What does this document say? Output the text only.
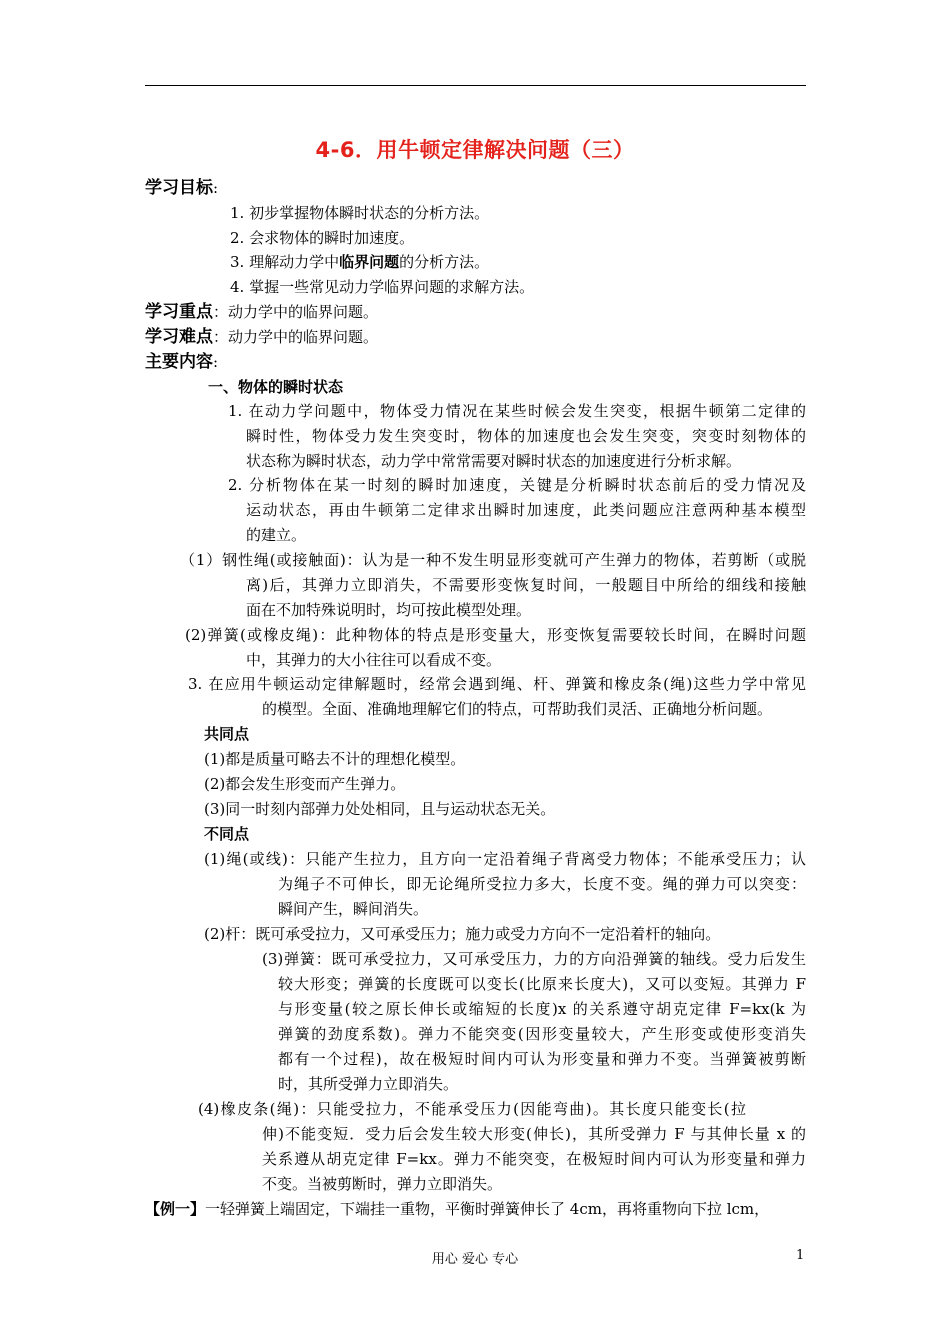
4-6．用牛顿定律解决问题（三）
学习目标:
1. 初步掌握物体瞬时状态的分析方法。
2. 会求物体的瞬时加速度。
3. 理解动力学中临界问题的分析方法。
4. 掌握一些常见动力学临界问题的求解方法。
学习重点：动力学中的临界问题。
学习难点：动力学中的临界问题。
主要内容:
一、物体的瞬时状态
1. 在动力学问题中，物体受力情况在某些时候会发生突变，根据牛顿第二定律的
瞬时性，物体受力发生突变时，物体的加速度也会发生突变，突变时刻物体的
状态称为瞬时状态，动力学中常常需要对瞬时状态的加速度进行分析求解。
2. 分析物体在某一时刻的瞬时加速度，关键是分析瞬时状态前后的受力情况及
运动状态，再由牛顿第二定律求出瞬时加速度，此类问题应注意两种基本模型
的建立。
（1）钢性绳(或接触面)：认为是一种不发生明显形变就可产生弹力的物体，若剪断（或脱
离)后，其弹力立即消失，不需要形变恢复时间，一般题目中所给的细线和接触
面在不加特殊说明时，均可按此模型处理。
(2)弹簧(或橡皮绳)：此种物体的特点是形变量大，形变恢复需要较长时间，在瞬时问题
中，其弹力的大小往往可以看成不变。
3. 在应用牛顿运动定律解题时，经常会遇到绳、杆、弹簧和橡皮条(绳)这些力学中常见
的模型。全面、准确地理解它们的特点，可帮助我们灵活、正确地分析问题。
共同点
(1)都是质量可略去不计的理想化模型。
(2)都会发生形变而产生弹力。
(3)同一时刻内部弹力处处相同，且与运动状态无关。
不同点
(1)绳(或线)：只能产生拉力，且方向一定沿着绳子背离受力物体；不能承受压力；认
为绳子不可伸长，即无论绳所受拉力多大，长度不变。绳的弹力可以突变：
瞬间产生，瞬间消失。
(2)杆：既可承受拉力，又可承受压力；施力或受力方向不一定沿着杆的轴向。
(3)弹簧：既可承受拉力，又可承受压力，力的方向沿弹簧的轴线。受力后发生
较大形变；弹簧的长度既可以变长(比原来长度大)，又可以变短。其弹力 F
与形变量(较之原长伸长或缩短的长度)x 的关系遵守胡克定律 F=kx(k 为
弹簧的劲度系数)。弹力不能突变(因形变量较大，产生形变或使形变消失
都有一个过程)，故在极短时间内可认为形变量和弹力不变。当弹簧被剪断
时，其所受弹力立即消失。
(4)橡皮条(绳)：只能受拉力，不能承受压力(因能弯曲)。其长度只能变长(拉
伸)不能变短．受力后会发生较大形变(伸长)，其所受弹力 F 与其伸长量 x 的
关系遵从胡克定律 F=kx。弹力不能突变，在极短时间内可认为形变量和弹力
不变。当被剪断时，弹力立即消失。
【例一】一轻弹簧上端固定，下端挂一重物，平衡时弹簧伸长了 4cm，再将重物向下拉 lcm，
用心 爱心 专心	1
